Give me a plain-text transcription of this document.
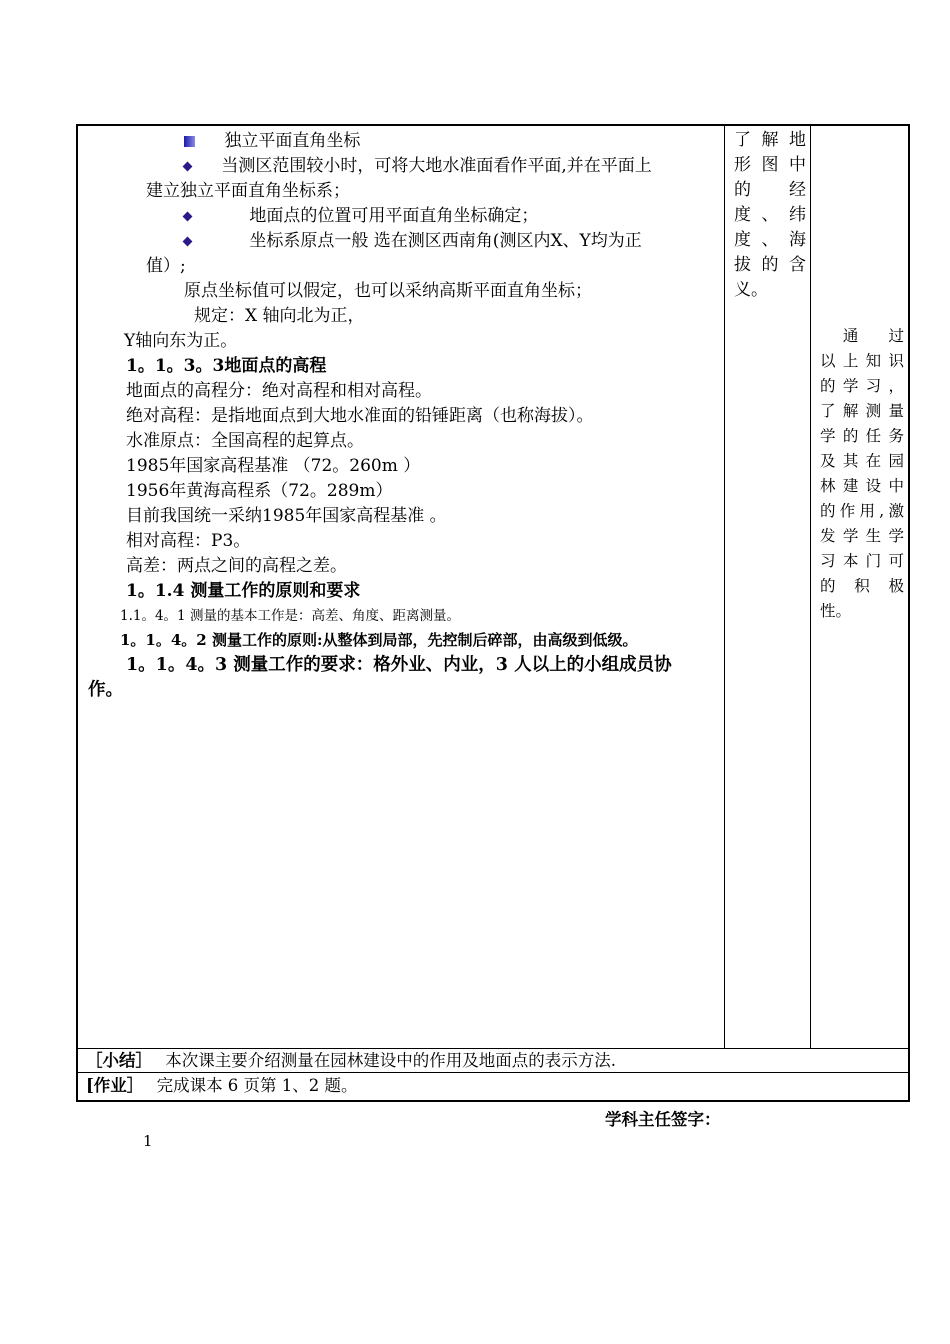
独立平面直角坐标
当测区范围较小时，可将大地水准面看作平面,并在平面上
建立独立平面直角坐标系；
地面点的位置可用平面直角坐标确定；
坐标系原点一般 选在测区西南角(测区内X、Y均为正
值）;
原点坐标值可以假定，也可以采纳高斯平面直角坐标；
规定：X 轴向北为正，
Y轴向东为正。
1。1。3。3地面点的高程
地面点的高程分：绝对高程和相对高程。
绝对高程：是指地面点到大地水准面的铅锤距离（也称海拔）。
水准原点：全国高程的起算点。
1985年国家高程基准 （72。260m ）
1956年黄海高程系（72。289m）
目前我国统一采纳1985年国家高程基准 。
相对高程：P3。
高差：两点之间的高程之差。
1。1.4 测量工作的原则和要求
1.1。4。1 测量的基本工作是：高差、角度、距离测量。
1。1。4。2 测量工作的原则:从整体到局部，先控制后碎部，由高级到低级。
1。1。4。3 测量工作的要求：格外业、内业，3 人以上的小组成员协
作。
了解地
形图中
的　经
度、纬
度、海
拔的含
义。
　通　过
以上知识
的学习，
了解测量
学的任务
及其在园
林建设中
的作用,激
发学生学
习本门可
的　积　极
性。
［小结］ 本次课主要介绍测量在园林建设中的作用及地面点的表示方法.
[作业］ 完成课本 6 页第 1、2 题。
学科主任签字：
1
